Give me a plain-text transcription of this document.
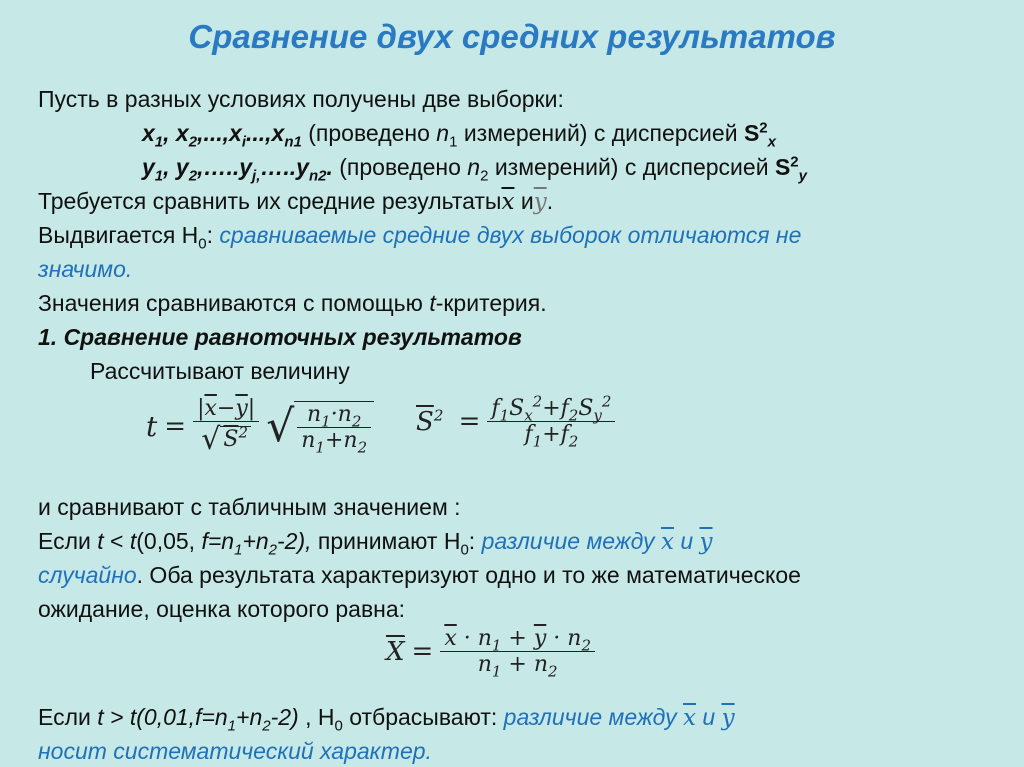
Сравнение двух средних результатов
Пусть в разных условиях получены две выборки:
$x_1$, $x_2,...,x_i...,x_{n1}$ (проведено $n_1$ измерений) с дисперсией $S^2_x$
$y_1$, $y_2,\dots..y_{j,}\dots..y_{n2}$. (проведено $n_2$ измерений) с дисперсией $S^2_y$
Требуется сравнить их средние $результаты\overline{x}$ $и\overline{y}$.
Выдвигается $H_0$: сравниваемые средние двух выборок отличаются не
значимо.
Значения сравниваются с помощью t-критерия.
1. Сравнение равноточных результатов
Рассчитывают величину
$t = \frac{|\overline{x}-\overline{y}|}{√ S^2}$ √ $\frac{n_1\cdot n_2}{n_1+n_2} \overline{S}^2 = \frac{f_1S_x^2+f_2S_y^2}{f_1+f_2}$
и сравнивают с табличным значением :
Если t < t(0,05, $f=n_1+n_2-2$), принимают $H_0$: различие между $\overline{x}$ и $\overline{y}$
случайно. Оба результата характеризуют одно и то же математическое
ожидание, оценка которого равна:
$\overline{X} = \frac{\overline{x} \cdot n_1 + \overline{y} \cdot n_2}{n_1 + n_2}$
Если $t > t(0,01,f=n_1+n_2-2)$ , $H_0$ отбрасывают: различие между $\overline{x}$ и $\overline{y}$
носит систематический характер.
